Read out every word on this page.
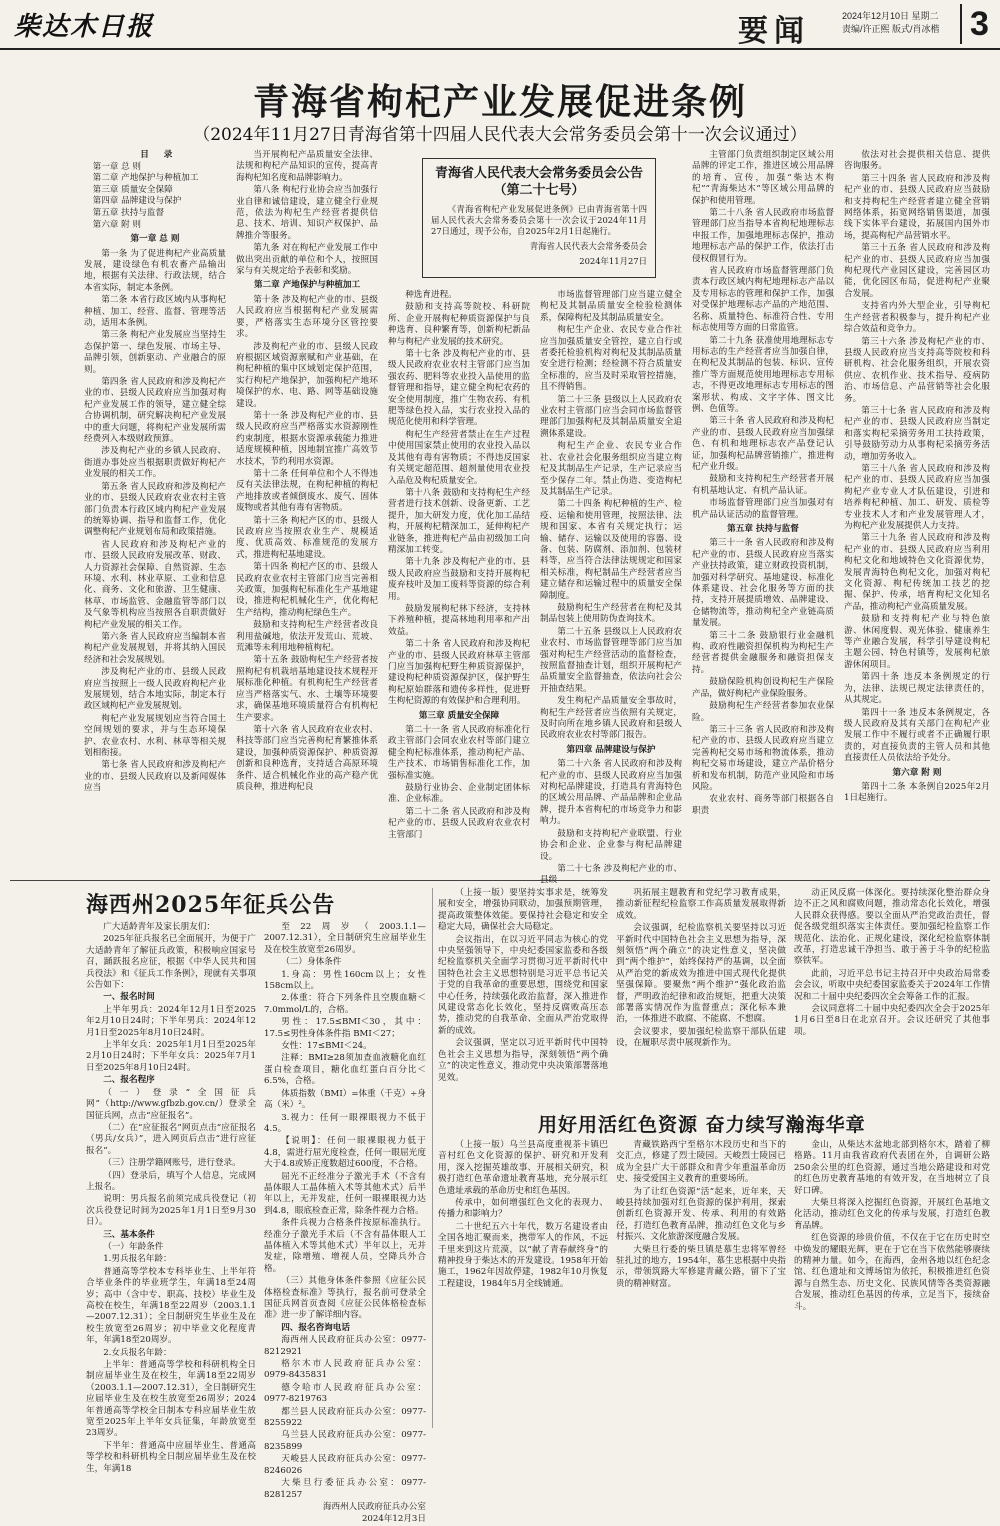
柴达木日报	要闻	2024年12月10日 星期二
责编/许正熙 版式/肖冰楷 3
青海省枸杞产业发展促进条例
（2024年11月27日青海省第十四届人民代表大会常务委员会第十一次会议通过）
目 录
第一章 总 则
第二章 产地保护与种植加工
第三章 质量安全保障
第四章 品牌建设与保护
第五章 扶持与监督
第六章 附 则

第一章 总 则

第一条 为了促进枸杞产业高质量发展，建设绿色有机农畜产品输出地，根据有关法律、行政法规，结合本省实际，制定本条例。

第二条 本省行政区域内从事枸杞种植、加工、经营、监督、管理等活动，适用本条例。

第三条 枸杞产业发展应当坚持生态保护第一、绿色发展、市场主导、品牌引领，创新驱动、产业融合的原则。

第四条 省人民政府和涉及枸杞产业的市、县级人民政府应当加强对枸杞产业发展工作的领导，建立健全综合协调机制，研究解决枸杞产业发展中的重大问题，将枸杞产业发展所需经费列入本级财政预算。

涉及枸杞产业的乡镇人民政府、街道办事处应当根据职责做好枸杞产业发展的相关工作。

第五条 省人民政府和涉及枸杞产业的市、县级人民政府农业农村主管部门负责本行政区域内枸杞产业发展的统筹协调、指导和监督工作，优化调整枸杞产业规划布局和政策措施。

省人民政府和涉及枸杞产业的市、县级人民政府发展改革、财政、人力资源社会保障、自然资源、生态环境、水利、林业草原、工业和信息化、商务、文化和旅游、卫生健康、林草、市场监管、金融监管等部门以及气象等机构应当按照各自职责做好枸杞产业发展的相关工作。

第六条 省人民政府应当编制本省枸杞产业发展规划，并将其纳入国民经济和社会发展规划。

涉及枸杞产业的市、县级人民政府应当按照上一级人民政府枸杞产业发展规划，结合本地实际，制定本行政区域枸杞产业发展规划。

枸杞产业发展规划应当符合国土空间规划的要求，并与生态环境保护、农业农村、水利、林草等相关规划相衔接。

第七条 省人民政府和涉及枸杞产业的市、县级人民政府以及新闻媒体应当

当开展枸杞产品质量安全法律、法规和枸杞产品知识的宣传，提高青海枸杞知名度和品牌影响力。

第八条 枸杞行业协会应当加强行业自律和诚信建设，建立健全行业规范，依法为枸杞生产经营者提供信息、技术、培训、知识产权保护、品牌推介等服务。

第九条 对在枸杞产业发展工作中做出突出贡献的单位和个人，按照国家与有关规定给予表彰和奖励。

第二章 产地保护与种植加工

第十条 涉及枸杞产业的市、县级人民政府应当根据枸杞产业发展需要，严格落实生态环境分区管控要求。

涉及枸杞产业的市、县级人民政府根据区域资源禀赋和产业基础，在枸杞种植的集中区域划定保护范围，实行枸杞产地保护，加强枸杞产地环境保护的水、电、路、网等基础设施建设。

第十一条 涉及枸杞产业的市、县级人民政府应当严格落实水资源刚性约束制度，根据水资源承载能力推进适度规模种植，因地制宜推广高效节水技术，节约利用水资源。

第十二条 任何单位和个人不得违反有关法律法规，在枸杞种植的枸杞产地排放或者倾倒废水、废气、固体废物或者其他有毒有害物质。

第十三条 枸杞产区的市、县级人民政府应当按照农业生产、规模适度、优质高效、标准规范的发展方式，推进枸杞基地建设。

第十四条 枸杞产区的市、县级人民政府农业农村主管部门应当完善相关政策，加强枸杞标准化生产基地建设，推进枸杞机械化生产，优化枸杞生产结构，推动枸杞绿色生产。

鼓励和支持枸杞生产经营者改良利用盐碱地，依法开发荒山、荒坡、荒滩等未利用地种植枸杞。

第十五条 鼓励枸杞生产经营者按照枸杞有机栽培基地建设技术规程开展标准化种植。有机枸杞生产经营者应当严格落实气、水、土壤等环境要求，确保基地环境质量符合有机枸杞生产要求。

第十六条 省人民政府农业农村、科技等部门应当完善枸杞育繁推体系建设，加强种质资源保护、种质资源创新和良种选育，支持适合高原环境条件、适合机械化作业的高产稳产优质良种，推进枸杞良

种选育进程。

鼓励和支持高等院校、科研院所、企业开展枸杞种质资源保护与良种选育、良种繁育等，创新枸杞新品种与枸杞产业发展的技术研究。

第十七条 涉及枸杞产业的市、县级人民政府农业农村主管部门应当加强农药、肥料等农业投入品使用的监督管理和指导，建立健全枸杞农药的安全使用制度，推广生物农药、有机肥等绿色投入品，实行农业投入品的规范化使用和科学管理。

枸杞生产经营者禁止在生产过程中使用国家禁止使用的农业投入品以及其他有毒有害物质；不得违反国家有关规定超范围、超剂量使用农业投入品危及枸杞质量安全。

第十八条 鼓励和支持枸杞生产经营者进行技术创新、设备更新、工艺提升，加大研发力度，优化加工品结构，开展枸杞精深加工，延伸枸杞产业链条，推进枸杞产品由初级加工向精深加工转变。

第十九条 涉及枸杞产业的市、县级人民政府应当鼓励和支持开展枸杞废弃枝叶及加工废料等资源的综合利用。

鼓励发展枸杞林下经济，支持林下养殖种植，提高林地利用率和产出效益。

第二十条 省人民政府和涉及枸杞产业的市、县级人民政府林草主管部门应当加强枸杞野生种质资源保护，建设枸杞种质资源保护区，保护野生枸杞原始群落和遗传多样性，促进野生枸杞资源的有效保护和合理利用。

第三章 质量安全保障

第二十一条 省人民政府标准化行政主管部门会同农业农村等部门建立健全枸杞标准体系，推动枸杞产品、生产技术、市场销售标准化工作，加强标准实施。

鼓励行业协会、企业制定团体标准、企业标准。

第二十二条 省人民政府和涉及枸杞产业的市、县级人民政府农业农村主管部门

市场监督管理部门应当建立健全枸杞及其制品质量安全检验检测体系，保障枸杞及其制品质量安全。

枸杞生产企业、农民专业合作社应当加强质量安全管控，建立自行或者委托检验机构对枸杞及其制品质量安全进行检测；经检测不符合质量安全标准的，应当及时采取管控措施，且不得销售。

第二十三条 县级以上人民政府农业农村主管部门应当会同市场监督管理部门加强枸杞及其制品质量安全追溯体系建设。

枸杞生产企业、农民专业合作社、农业社会化服务组织应当建立枸杞及其制品生产记录，生产记录应当至少保存二年。禁止伪造、变造枸杞及其制品生产记录。

第二十四条 枸杞种植的生产、检疫、运输和使用管理，按照法律、法规和国家、本省有关规定执行；运输、储存、运输以及使用的容器、设备、包装、防腐剂、添加剂、包装材料等，应当符合法律法规规定和国家相关标准，枸杞制品生产经营者应当建立储存和运输过程中的质量安全保障制度。

鼓励枸杞生产经营者在枸杞及其制品包装上使用防伪查询技术。

第二十五条 县级以上人民政府农业农村、市场监督管理等部门应当加强对枸杞生产经营活动的监督检查，按照监督抽查计划，组织开展枸杞产品质量安全监督抽查，依法向社会公开抽查结果。

发生枸杞产品质量安全事故时，枸杞生产经营者应当依照有关规定，及时向所在地乡镇人民政府和县级人民政府农业农村等部门报告。

第四章 品牌建设与保护

第二十六条 省人民政府和涉及枸杞产业的市、县级人民政府应当加强对枸杞品牌建设，打造具有青海特色的区域公用品牌、产品品牌和企业品牌，提升本省枸杞的市场竞争力和影响力。

鼓励和支持枸杞产业联盟、行业协会和企业、企业参与枸杞品牌建设。

第二十七条 涉及枸杞产业的市、县级

主管部门负责组织制定区域公用品牌的评定工作，推进区域公用品牌的培育、宣传，加强“柴达木枸杞”“青海柴达木”等区域公用品牌的保护和使用管理。

第二十八条 省人民政府市场监督管理部门应当指导本省枸杞地理标志申报工作，加强地理标志保护，推动地理标志产品的保护工作，依法打击侵权假冒行为。

省人民政府市场监督管理部门负责本行政区域内枸杞地理标志产品以及专用标志的管理和保护工作，加强对受保护地理标志产品的产地范围、名称、质量特色、标准符合性、专用标志使用等方面的日常监管。

第二十九条 获准使用地理标志专用标志的生产经营者应当加强自律，在枸杞及其制品的包装、标识、宣传推广等方面规范使用地理标志专用标志，不得更改地理标志专用标志的图案形状、构成、文字字体、图文比例、色值等。

第三十条 省人民政府和涉及枸杞产业的市、县级人民政府应当加强绿色、有机和地理标志农产品登记认证，加强枸杞品牌营销推广，推进枸杞产业升级。

鼓励和支持枸杞生产经营者开展有机基地认定、有机产品认证。

市场监督管理部门应当加强对有机产品认证活动的监督管理。

第五章 扶持与监督

第三十一条 省人民政府和涉及枸杞产业的市、县级人民政府应当落实产业扶持政策，建立财政投资机制，加强对科学研究、基地建设、标准化体系建设、社会化服务等方面的扶持，支持开展提质增效、品牌建设、仓储物流等，推动枸杞全产业链高质量发展。

第三十二条 鼓励银行业金融机构、政府性融资担保机构为枸杞生产经营者提供金融服务和融资担保支持。

鼓励保险机构创设枸杞生产保险产品，做好枸杞产业保险服务。

鼓励枸杞生产经营者参加农业保险。

第三十三条 省人民政府和涉及枸杞产业的市、县级人民政府应当建立完善枸杞交易市场和物流体系，推动枸杞交易市场建设，建立产品价格分析和发布机制，防范产业风险和市场风险。

农业农村、商务等部门根据各自职责

依法对社会提供相关信息、提供咨询服务。

第三十四条 省人民政府和涉及枸杞产业的市、县级人民政府应当鼓励和支持枸杞生产经营者建立健全营销网络体系，拓宽网络销售渠道，加强线下实体平台建设，拓展国内国外市场，提高枸杞产品营销水平。

第三十五条 省人民政府和涉及枸杞产业的市、县级人民政府应当加强枸杞现代产业园区建设，完善园区功能，优化园区布局，促进枸杞产业聚合发展。

支持省内外大型企业，引导枸杞生产经营者积极参与，提升枸杞产业综合效益和竞争力。

第三十六条 涉及枸杞产业的市、县级人民政府应当支持高等院校和科研机构、社会化服务组织，开展农资供应、农机作业、技术指导、疫病防治、市场信息、产品营销等社会化服务。

第三十七条 省人民政府和涉及枸杞产业的市、县级人民政府应当制定和落实枸杞采摘劳务用工扶持政策，引导鼓励劳动力从事枸杞采摘劳务活动，增加劳务收入。

第三十八条 省人民政府和涉及枸杞产业的市、县级人民政府应当加强枸杞产业专业人才队伍建设，引进和培养枸杞种植、加工、研发、质检等专业技术人才和产业发展管理人才，为枸杞产业发展提供人力支持。

第三十九条 省人民政府和涉及枸杞产业的市、县级人民政府应当利用枸杞文化和地域特色文化资源优势，发展青海特色枸杞文化，加强对枸杞文化资源、枸杞传统加工技艺的挖掘、保护、传承，培育枸杞文化知名产品，推动枸杞产业高质量发展。

鼓励和支持枸杞产业与特色旅游、休闲度假、观光体验、健康养生等产业融合发展，科学引导建设枸杞主题公园、特色村镇等，发展枸杞旅游休闲项目。

第四十条 违反本条例规定的行为，法律、法规已规定法律责任的，从其规定。

第四十一条 违反本条例规定，各级人民政府及其有关部门在枸杞产业发展工作中不履行或者不正确履行职责的，对直接负责的主管人员和其他直接责任人员依法给予处分。

第六章 附 则

第四十二条 本条例自2025年2月1日起施行。

青海省人民代表大会常务委员会公告
（第二十七号）
《青海省枸杞产业发展促进条例》已由青海省第十四届人民代表大会常务委员会第十一次会议于2024年11月27日通过，现予公布，自2025年2月1日起施行。
青海省人民代表大会常务委员会
2024年11月27日
海西州2025年征兵公告

广大适龄青年及家长朋友们：

2025年征兵报名已全面展开，为便于广大适龄青年了解征兵政策，积极响应国家号召，踊跃报名应征，根据《中华人民共和国兵役法》和《征兵工作条例》，现就有关事项公告如下：

一、报名时间

上半年男兵：2024年12月1日至2025年2月10日24时；下半年男兵：2024年12月1日至2025年8月10日24时。

上半年女兵：2025年1月1日至2025年2月10日24时；下半年女兵：2025年7月1日至2025年8月10日24时。

二、报名程序

（一）登录“全国征兵网”（http://www.gfbzb.gov.cn/）登录全国征兵网，点击“应征报名”。

（二）在“应征报名”网页点击“应征报名（男兵/女兵）”，进入网页后点击“进行应征报名”。

（三）注册学籍网账号，进行登录。

（四）登录后，填写个人信息，完成网上报名。

说明：男兵报名前须完成兵役登记（初次兵役登记时间为2025年1月1日至9月30日）。

三、基本条件

（一）年龄条件

1.男兵报名年龄：

普通高等学校本专科毕业生、上半年符合毕业条件的毕业班学生，年满18至24周岁；高中（含中专、职高、技校）毕业生及高校在校生，年满18至22周岁（2003.1.1—2007.12.31）；全日制研究生毕业生及在校生放宽至26周岁；初中毕业文化程度青年，年满18至20周岁。

2.女兵报名年龄：

上半年：普通高等学校和科研机构全日制应届毕业生及在校生，年满18至22周岁（2003.1.1—2007.12.31），全日制研究生应届毕业生及在校生放宽至26周岁；2024年普通高等学校全日制本专科应届毕业生放宽至2025年上半年女兵征集，年龄放宽至23周岁。

下半年：普通高中应届毕业生、普通高等学校和科研机构全日制应届毕业生及在校生，年满18

至22周岁（2003.1.1—2007.12.31），全日制研究生应届毕业生及在校生放宽至26周岁。

（二）身体条件

1.身高：男性160cm以上；女性158cm以上。

2.体重：符合下列条件且空腹血糖＜7.0mmol/L的，合格。

男性：17.5≤BMI＜30，其中：17.5≤男性身体条件指 BMI＜27；

女性：17≤BMI＜24。

注释：BMI≥28须加查血液糖化血红蛋白检查项目，糖化血红蛋白百分比＜6.5%，合格。

体质指数（BMI）=体重（千克）÷身高（米）²。

3.视力：任何一眼裸眼视力不低于4.5。

【说明】：任何一眼裸眼视力低于4.8，需进行屈光度检查，任何一眼屈光度大于4.8或矫正度数超过600度，不合格。

屈光不正经准分子激光手术（不含有晶体眼人工晶体植入术等其他术式）后半年以上，无并发症，任何一眼裸眼视力达到4.8，眼底检查正常，除条件视力合格。

条件兵视力合格条件按原标准执行。经准分子激光手术后（不含有晶体眼人工晶体植入术等其他术式）半年以上，无并发症，除增殖、增视人员，空降兵外合格。

（三）其他身体条件参照《应征公民体格检查标准》等执行，报名前可登录全国征兵网首页查阅《应征公民体格检查标准》进一步了解详细内容。

四、报名咨询电话

海西州人民政府征兵办公室：0977-8212921

格尔木市人民政府征兵办公室：0979-8435831

德令哈市人民政府征兵办公室：0977-8219763

都兰县人民政府征兵办公室：0977-8255922

乌兰县人民政府征兵办公室：0977-8235899

天峻县人民政府征兵办公室：0977-8246026

大柴旦行委征兵办公室：0977-8281257

海西州人民政府征兵办公室

2024年12月3日

（上接一版）要坚持实事求是，统筹发展和安全，增强协同联动，加强预期管理，提高政策整体效能。要保持社会稳定和安全稳定大局，确保社会大局稳定。

会议指出，在以习近平同志为核心的党中央坚强领导下，中央纪委国家监委和各级纪检监察机关全面学习贯彻习近平新时代中国特色社会主义思想特别是习近平总书记关于党的自我革命的重要思想，围绕党和国家中心任务，持续强化政治监督，深入推进作风建设常态化长效化，坚持反腐败高压态势，推动党的自我革命、全面从严治党取得新的成效。

会议强调，坚定以习近平新时代中国特色社会主义思想为指导，深刻领悟“两个确立”的决定性意义，推动党中央决策部署落地见效。

巩拓展主题教育和党纪学习教育成果，推动新征程纪检监察工作高质量发展取得新成效。

会议强调，纪检监察机关要坚持以习近平新时代中国特色社会主义思想为指导，深刻领悟“两个确立”的决定性意义，坚决做到“两个维护”，始终保持严的基调，以全面从严治党的新成效为推进中国式现代化提供坚强保障。要聚焦“两个维护”强化政治监督，严明政治纪律和政治规矩，把重大决策部署落实情况作为监督重点；深化标本兼治，一体推进不敢腐、不能腐、不想腐。

会议要求，要加强纪检监察干部队伍建设，在履职尽责中展现新作为。

动正风反腐一体深化。要持续深化整治群众身边不正之风和腐败问题，推动常态化长效化，增强人民群众获得感。要以全面从严治党政治责任，督促各级党组织落实主体责任。要加强纪检监察工作规范化、法治化、正规化建设，深化纪检监察体制改革，打造忠诚干净担当、敢于善于斗争的纪检监察铁军。

此前，习近平总书记主持召开中央政治局常委会会议，听取中央纪委国家监委关于2024年工作情况和二十届中央纪委四次全会筹备工作的汇报。

会议同意将二十届中央纪委四次全会于2025年1月6日至8日在北京召开。会议还研究了其他事项。

用好用活红色资源 奋力续写瀚海华章

（上接一版）乌兰县高度重视茶卡镇巴音村红色文化资源的保护、研究和开发利用，深入挖掘英雄故事、开展相关研究，积极打造红色革命遗址教育基地，充分展示红色遗址承载的革命历史和红色基因。

传承中，如何增强红色文化的表现力、传播力和影响力？

二十世纪五六十年代，数万名建设者由全国各地汇聚而来，携带军人的作风，不远千里来到这片荒漠，以“献了青春献终身”的精神投身于柴达木的开发建设。1958年开始施工，1962年因故停建，1982年10月恢复工程建设，1984年5月全线铺通。

青藏铁路西宁至格尔木段历史和当下的交汇点，修建了烈士陵园。天峻烈士陵园已成为全县广大干部群众和青少年重温革命历史、接受爱国主义教育的重要场所。

为了让红色资源“活”起来，近年来，天峻县持续加强对红色资源的保护利用，探索创新红色资源开发、传承、利用的有效路径，打造红色教育品牌，推动红色文化与乡村振兴、文化旅游深度融合发展。

大柴旦行委的柴旦镇是慕生忠将军曾经驻扎过的地方，1954年，慕生忠根据中央指示，带领筑路大军修建青藏公路，留下了宝贵的精神财富。

金山，从柴达木盆地北部到格尔木，踏着了柳格路。11月由我省政府代表团在外，自调研公路250余公里的红色资源，通过当地公路建设和对党的红色历史教育基地的有效开发，在当地树立了良好口碑。

大柴旦将深入挖掘红色资源，开展红色基地文化活动，推动红色文化的传承与发展，打造红色教育品牌。

红色资源的珍贵价值，不仅在于它在历史时空中焕发的耀眼光辉，更在于它在当下依然能够赓续的精神力量。如今，在海西，金州各地以红色纪念馆、红色遗址和文博场馆为依托，积极推进红色资源与自然生态、历史文化、民族风情等各类资源融合发展，推动红色基因的传承，立足当下，接续奋斗。
